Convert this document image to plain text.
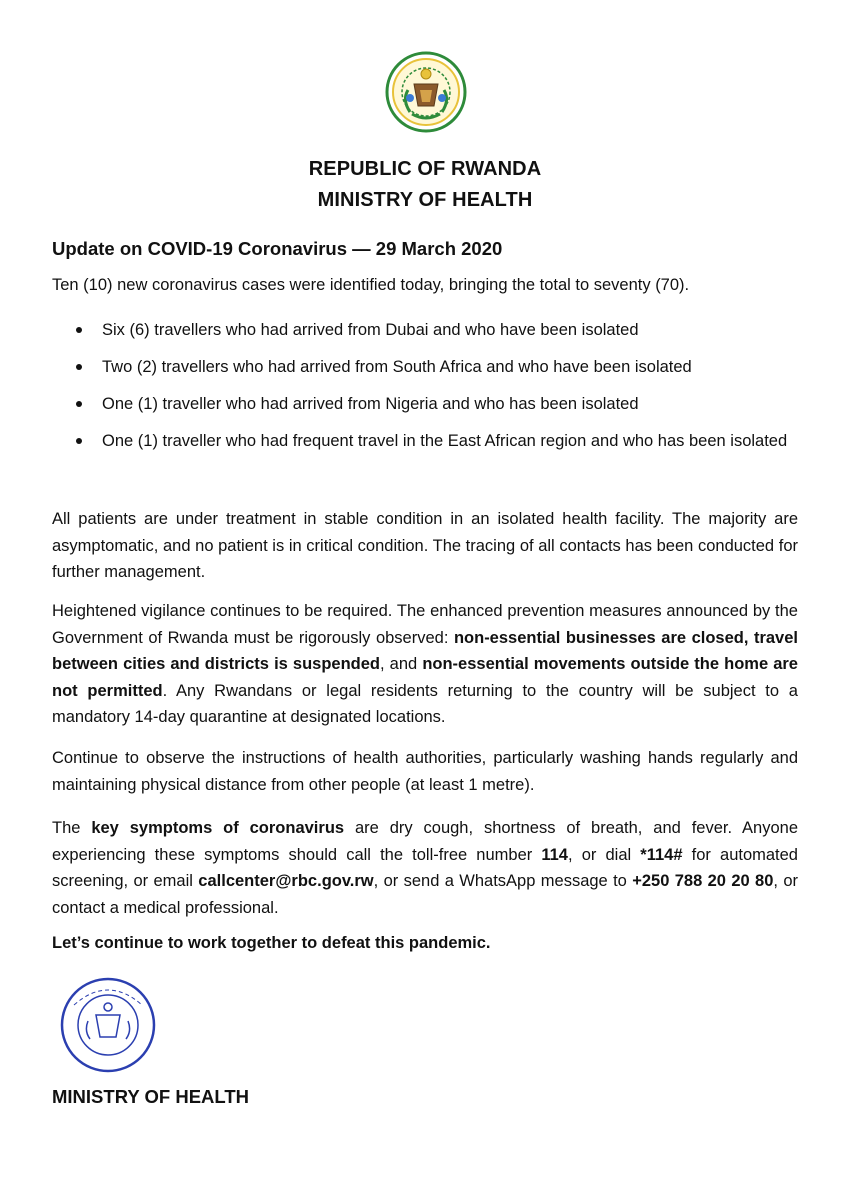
REPUBLIC OF RWANDA
MINISTRY OF HEALTH
Update on COVID-19 Coronavirus — 29 March 2020
Ten (10) new coronavirus cases were identified today, bringing the total to seventy (70).
Six (6) travellers who had arrived from Dubai and who have been isolated
Two (2) travellers who had arrived from South Africa and who have been isolated
One (1) traveller who had arrived from Nigeria and who has been isolated
One (1) traveller who had frequent travel in the East African region and who has been isolated
All patients are under treatment in stable condition in an isolated health facility. The majority are asymptomatic, and no patient is in critical condition. The tracing of all contacts has been conducted for further management.
Heightened vigilance continues to be required. The enhanced prevention measures announced by the Government of Rwanda must be rigorously observed: non-essential businesses are closed, travel between cities and districts is suspended, and non-essential movements outside the home are not permitted. Any Rwandans or legal residents returning to the country will be subject to a mandatory 14-day quarantine at designated locations.
Continue to observe the instructions of health authorities, particularly washing hands regularly and maintaining physical distance from other people (at least 1 metre).
The key symptoms of coronavirus are dry cough, shortness of breath, and fever. Anyone experiencing these symptoms should call the toll-free number 114, or dial *114# for automated screening, or email callcenter@rbc.gov.rw, or send a WhatsApp message to +250 788 20 20 80, or contact a medical professional.
Let’s continue to work together to defeat this pandemic.
MINISTRY OF HEALTH
